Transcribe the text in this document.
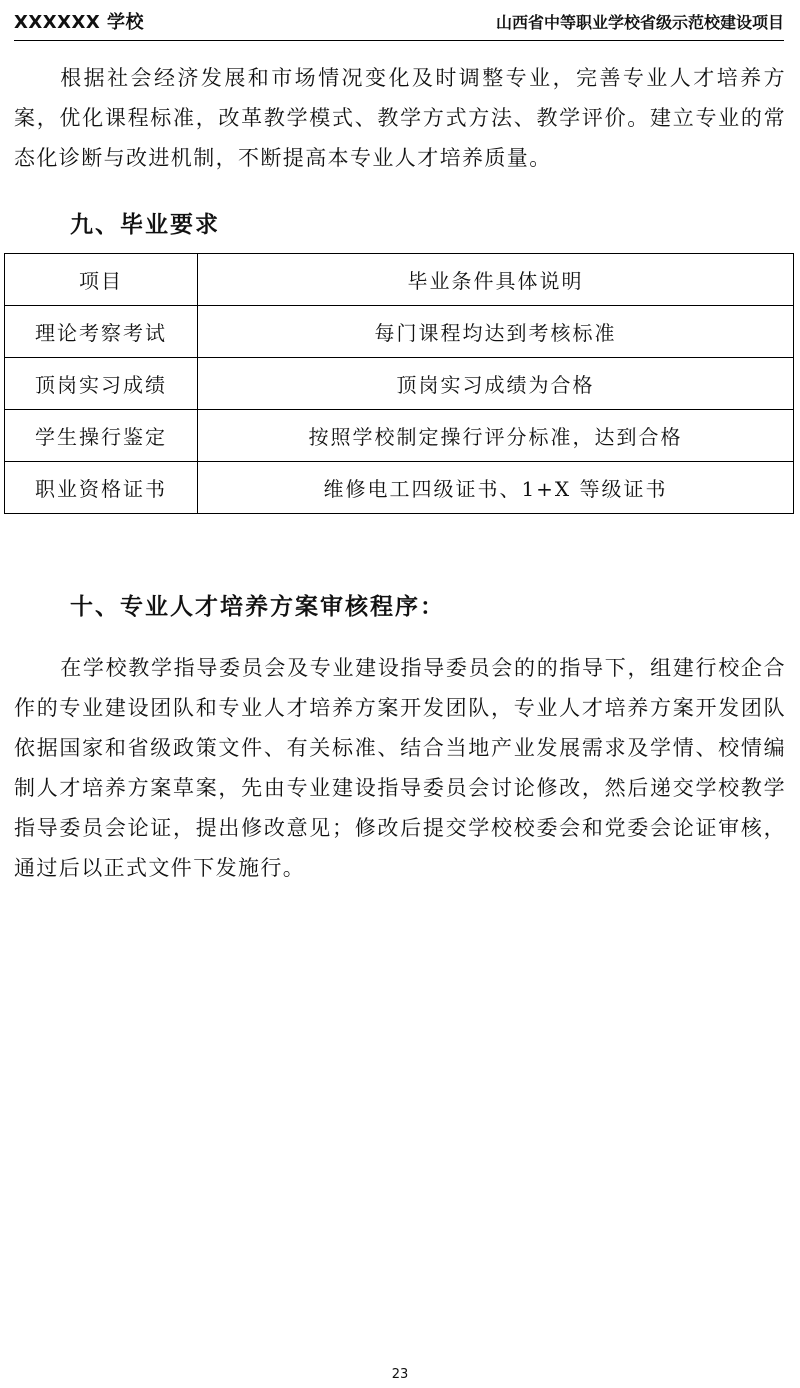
XXXXXX 学校	山西省中等职业学校省级示范校建设项目
根据社会经济发展和市场情况变化及时调整专业，完善专业人才培养方案，优化课程标准，改革教学模式、教学方式方法、教学评价。建立专业的常态化诊断与改进机制，不断提高本专业人才培养质量。
九、毕业要求
项目	毕业条件具体说明
理论考察考试	每门课程均达到考核标准
顶岗实习成绩	顶岗实习成绩为合格
学生操行鉴定	按照学校制定操行评分标准，达到合格
职业资格证书	维修电工四级证书、1+X 等级证书
十、专业人才培养方案审核程序：
在学校教学指导委员会及专业建设指导委员会的的指导下，组建行校企合作的专业建设团队和专业人才培养方案开发团队，专业人才培养方案开发团队依据国家和省级政策文件、有关标准、结合当地产业发展需求及学情、校情编制人才培养方案草案，先由专业建设指导委员会讨论修改，然后递交学校教学指导委员会论证，提出修改意见；修改后提交学校校委会和党委会论证审核，通过后以正式文件下发施行。
23
